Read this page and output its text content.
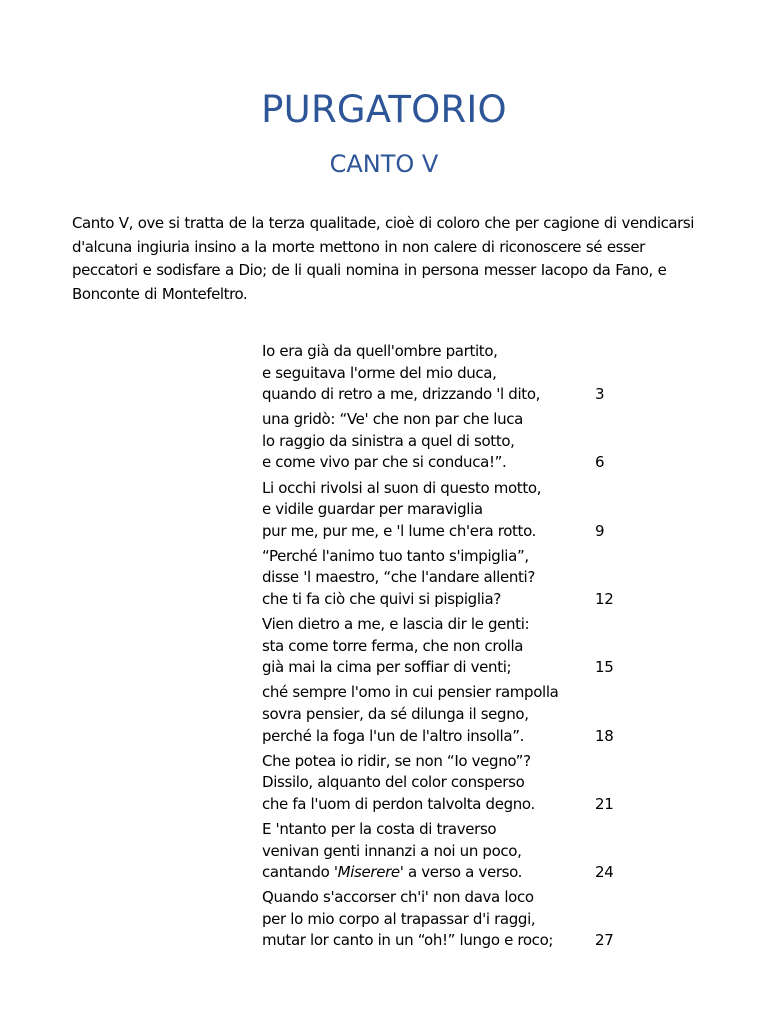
PURGATORIO
CANTO V
Canto V, ove si tratta de la terza qualitade, cioè di coloro che per cagione di vendicarsi d'alcuna ingiuria insino a la morte mettono in non calere di riconoscere sé esser peccatori e sodisfare a Dio; de li quali nomina in persona messer Iacopo da Fano, e Bonconte di Montefeltro.
Io era già da quell'ombre partito,
e seguitava l'orme del mio duca,
quando di retro a me, drizzando 'l dito,	3
una gridò: “Ve' che non par che luca
lo raggio da sinistra a quel di sotto,
e come vivo par che si conduca!”.	6
Li occhi rivolsi al suon di questo motto,
e vidile guardar per maraviglia
pur me, pur me, e 'l lume ch'era rotto.	9
“Perché l'animo tuo tanto s'impiglia”,
disse 'l maestro, “che l'andare allenti?
che ti fa ciò che quivi si pispiglia?	12
Vien dietro a me, e lascia dir le genti:
sta come torre ferma, che non crolla
già mai la cima per soffiar di venti;	15
ché sempre l'omo in cui pensier rampolla
sovra pensier, da sé dilunga il segno,
perché la foga l'un de l'altro insolla”.	18
Che potea io ridir, se non “Io vegno”?
Dissilo, alquanto del color consperso
che fa l'uom di perdon talvolta degno.	21
E 'ntanto per la costa di traverso
venivan genti innanzi a noi un poco,
cantando 'Miserere' a verso a verso.	24
Quando s'accorser ch'i' non dava loco
per lo mio corpo al trapassar d'i raggi,
mutar lor canto in un “oh!” lungo e roco;	27
